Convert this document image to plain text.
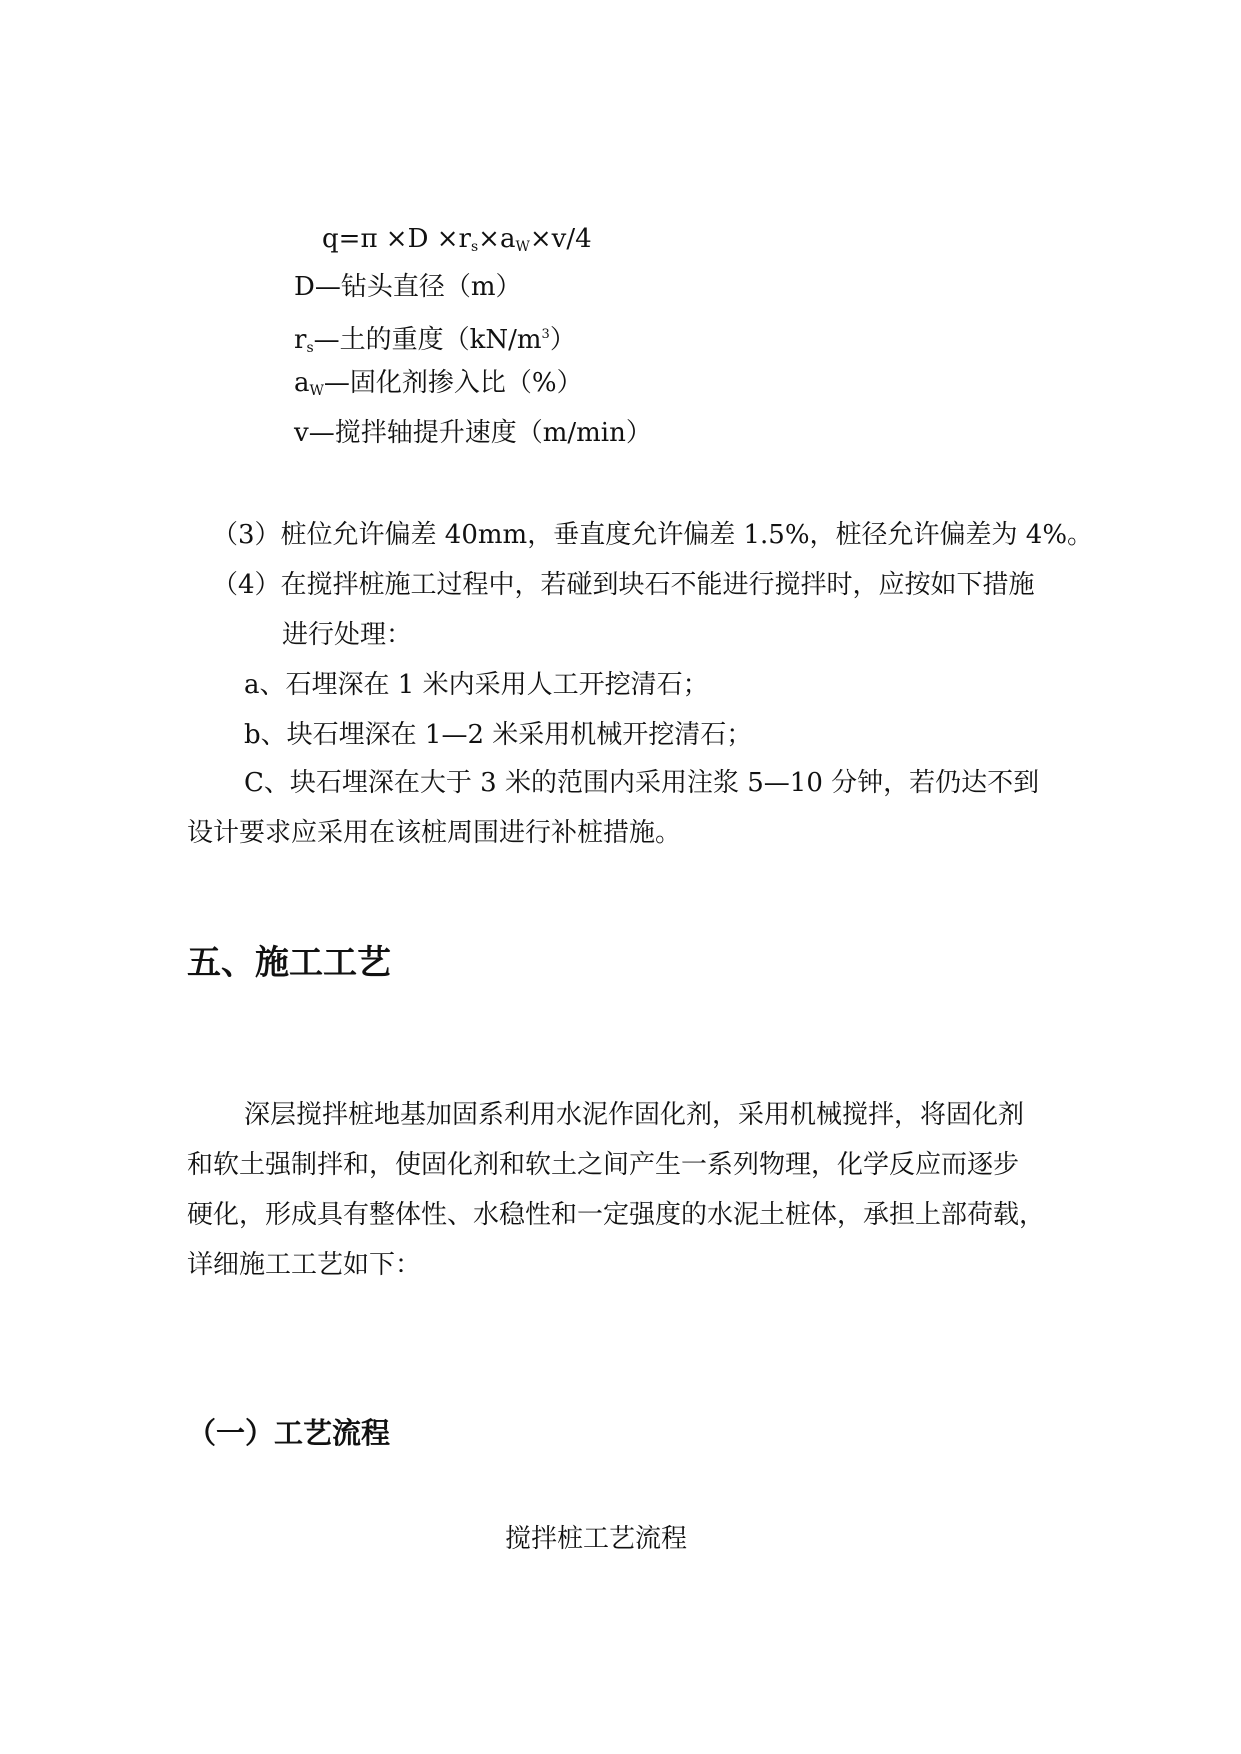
$q=\pi \times D \times r_s\times a_W\times v/4$
D—钻头直径（m）
$r_s—$土的重度$(kN/m^3)$
$a_W—$固化剂掺入比（%）
v—搅拌轴提升速度（m/min）
（3）桩位允许偏差 40mm，垂直度允许偏差 1.5%，桩径允许偏差为 4%。
（4）在搅拌桩施工过程中，若碰到块石不能进行搅拌时，应按如下措施
进行处理：
a、石埋深在 1 米内采用人工开挖清石；
b、块石埋深在 1—2 米采用机械开挖清石；
C、块石埋深在大于 3 米的范围内采用注浆 5—10 分钟，若仍达不到
设计要求应采用在该桩周围进行补桩措施。
五、施工工艺
深层搅拌桩地基加固系利用水泥作固化剂，采用机械搅拌，将固化剂
和软土强制拌和，使固化剂和软土之间产生一系列物理，化学反应而逐步
硬化，形成具有整体性、水稳性和一定强度的水泥土桩体，承担上部荷载，
详细施工工艺如下：
（一）工艺流程
搅拌桩工艺流程
